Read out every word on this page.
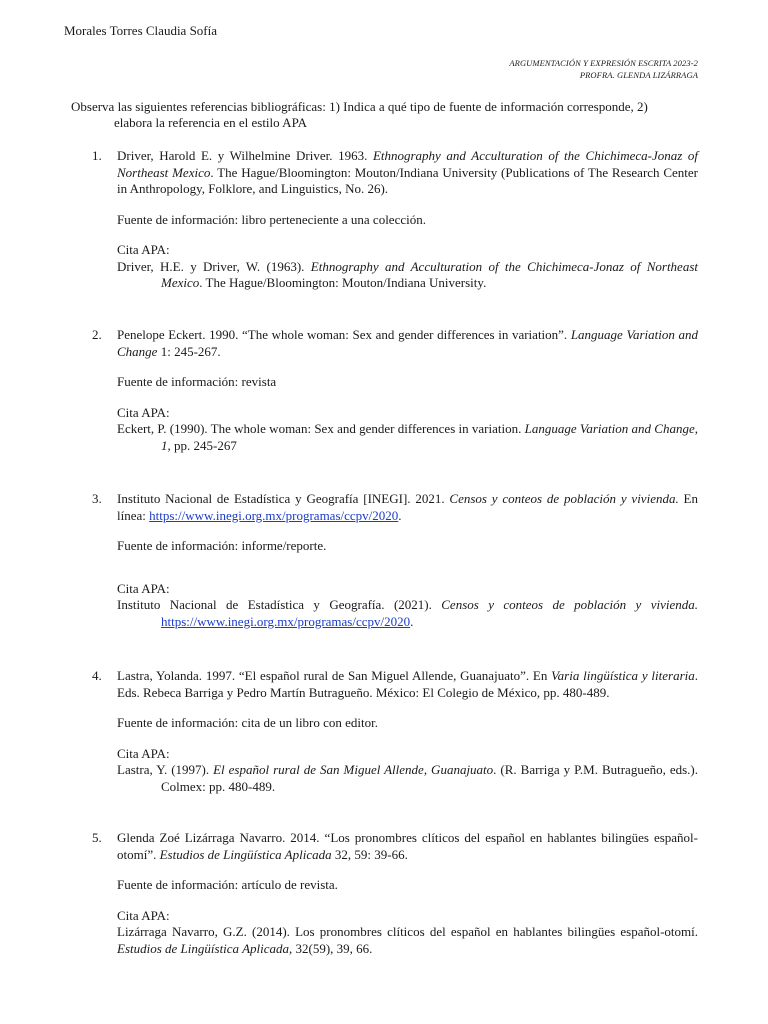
Morales Torres Claudia Sofía
ARGUMENTACIÓN Y EXPRESIÓN ESCRITA 2023-2
PROFRA. GLENDA LIZÁRRAGA
Observa las siguientes referencias bibliográficas: 1) Indica a qué tipo de fuente de información corresponde, 2)
elabora la referencia en el estilo APA
1. Driver, Harold E. y Wilhelmine Driver. 1963. Ethnography and Acculturation of the Chichimeca-Jonaz of Northeast Mexico. The Hague/Bloomington: Mouton/Indiana University (Publications of The Research Center in Anthropology, Folklore, and Linguistics, No. 26).

Fuente de información: libro perteneciente a una colección.

Cita APA:

Driver, H.E. y Driver, W. (1963). Ethnography and Acculturation of the Chichimeca-Jonaz of Northeast Mexico. The Hague/Bloomington: Mouton/Indiana University.

2. Penelope Eckert. 1990. “The whole woman: Sex and gender differences in variation”. Language Variation and Change 1: 245-267.

Fuente de información: revista

Cita APA:

Eckert, P. (1990). The whole woman: Sex and gender differences in variation. Language Variation and Change, 1, pp. 245-267

3. Instituto Nacional de Estadística y Geografía [INEGI]. 2021. Censos y conteos de población y vivienda. En línea: https://www.inegi.org.mx/programas/ccpv/2020.

Fuente de información: informe/reporte.

Cita APA:

Instituto Nacional de Estadística y Geografía. (2021). Censos y conteos de población y vivienda. https://www.inegi.org.mx/programas/ccpv/2020.

4. Lastra, Yolanda. 1997. “El español rural de San Miguel Allende, Guanajuato”. En Varia lingüística y literaria. Eds. Rebeca Barriga y Pedro Martín Butragueño. México: El Colegio de México, pp. 480-489.

Fuente de información: cita de un libro con editor.

Cita APA:

Lastra, Y. (1997). El español rural de San Miguel Allende, Guanajuato. (R. Barriga y P.M. Butragueño, eds.). Colmex: pp. 480-489.

5. Glenda Zoé Lizárraga Navarro. 2014. “Los pronombres clíticos del español en hablantes bilingües español-otomí”. Estudios de Lingüística Aplicada 32, 59: 39-66.

Fuente de información: artículo de revista.

Cita APA:

Lizárraga Navarro, G.Z. (2014). Los pronombres clíticos del español en hablantes bilingües español-otomí. Estudios de Lingüística Aplicada, 32(59), 39, 66.
